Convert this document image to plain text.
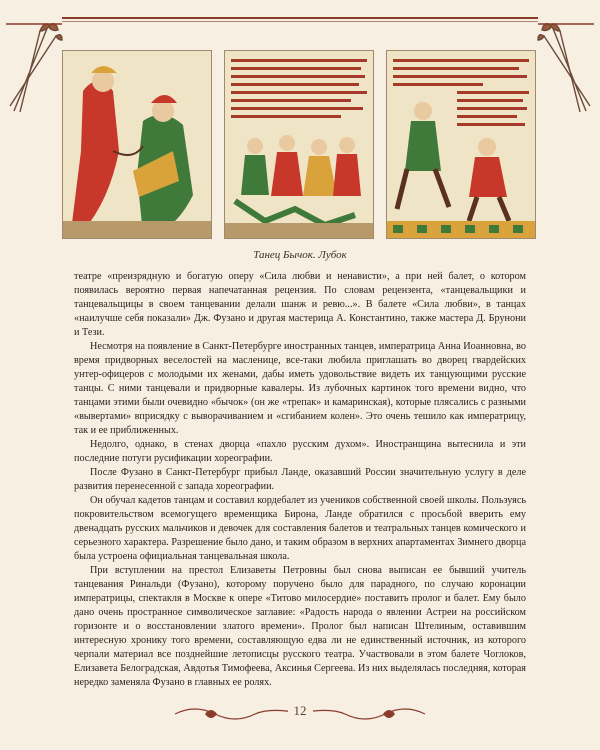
Танец Бычок. Лубок

театре «преизрядную и богатую оперу «Сила любви и ненависти», а при ней балет, о котором появилась вероятно первая напечатанная рецензия. По словам рецензента, «танцевальщики и танцевальщицы в своем танцевании делали шанж и ревю...». В балете «Сила любви», в танцах «наилучше себя показали» Дж. Фузано и другая мастерица А. Константино, также мастера Д. Брунони и Тези.

Несмотря на появление в Санкт-Петербурге иностранных танцев, императрица Анна Иоанновна, во время придворных веселостей на масленице, все-таки любила приглашать во дворец гвардейских унтер-офицеров с молодыми их женами, дабы иметь удовольствие видеть их танцующими русские танцы. С ними танцевали и придворные кавалеры. Из лубочных картинок того времени видно, что танцами этими были очевидно «бычок» (он же «трепак» и камаринская), которые плясались с разными «вывертами» вприсядку с выворачиванием и «сгибанием колен». Это очень тешило как императрицу, так и ее приближенных.

Недолго, однако, в стенах дворца «пахло русским духом». Иностранщина вытеснила и эти последние потуги русификации хореографии.

После Фузано в Санкт-Петербург прибыл Ланде, оказавший России значительную услугу в деле развития перенесенной с запада хореографии.

Он обучал кадетов танцам и составил кордебалет из учеников собственной своей школы. Пользуясь покровительством всемогущего временщика Бирона, Ланде обратился с просьбой вверить ему двенадцать русских мальчиков и девочек для составления балетов и театральных танцев комического и серьезного характера. Разрешение было дано, и таким образом в верхних апартаментах Зимнего дворца была устроена официальная танцевальная школа.

При вступлении на престол Елизаветы Петровны был снова выписан ее бывший учитель танцевания Ринальди (Фузано), которому поручено было для парадного, по случаю коронации императрицы, спектакля в Москве к опере «Титово милосердие» поставить пролог и балет. Ему было дано очень пространное символическое заглавие: «Радость народа о явлении Астреи на российском горизонте и о восстановлении златого времени». Пролог был написан Штелиным, оставившим интересную хронику того времени, составляющую едва ли не единственный источник, из которого черпали материал все позднейшие летописцы русского театра. Участвовали в этом балете Чоглоков, Елизавета Белоградская, Авдотья Тимофеева, Аксинья Сергеева. Из них выделялась последняя, которая нередко заменяла Фузано в главных ее ролях.

12
